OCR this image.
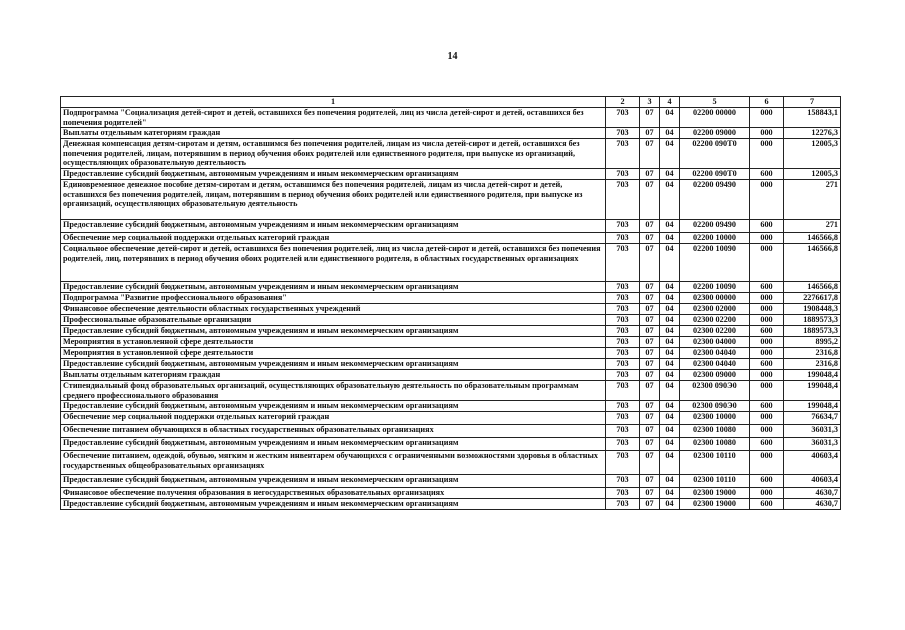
14
1	2	3	4	5	6	7
Подпрограмма "Социализация детей-сирот и детей, оставшихся без попечения родителей, лиц из числа детей-сирот и детей, оставшихся без попечения родителей"	703	07	04	02200 00000	000	158843,1
Выплаты отдельным категориям граждан	703	07	04	02200 09000	000	12276,3
Денежная компенсация детям-сиротам и детям, оставшимся без попечения родителей, лицам из числа детей-сирот и детей, оставшихся без попечения родителей, лицам, потерявшим в период обучения обоих родителей или единственного родителя, при выпуске из организаций, осуществляющих образовательную деятельность	703	07	04	02200 090Т0	000	12005,3
Предоставление субсидий бюджетным, автономным учреждениям и иным некоммерческим организациям	703	07	04	02200 090Т0	600	12005,3
Единовременное денежное пособие детям-сиротам и детям, оставшимся без попечения родителей, лицам из числа детей-сирот и детей, оставшихся без попечения родителей, лицам, потерявшим в период обучения обоих родителей или единственного родителя, при выпуске из организаций, осуществляющих образовательную деятельность	703	07	04	02200 09490	000	271
Предоставление субсидий бюджетным, автономным учреждениям и иным некоммерческим организациям	703	07	04	02200 09490	600	271
Обеспечение мер социальной поддержки отдельных категорий граждан	703	07	04	02200 10000	000	146566,8
Социальное обеспечение детей-сирот и детей, оставшихся без попечения родителей, лиц из числа детей-сирот и детей, оставшихся без попечения родителей, лиц, потерявших в период обучения обоих родителей или единственного родителя, в областных государственных организациях	703	07	04	02200 10090	000	146566,8
Предоставление субсидий бюджетным, автономным учреждениям и иным некоммерческим организациям	703	07	04	02200 10090	600	146566,8
Подпрограмма "Развитие профессионального образования"	703	07	04	02300 00000	000	2276617,8
Финансовое обеспечение деятельности областных государственных учреждений	703	07	04	02300 02000	000	1908448,3
Профессиональные образовательные организации	703	07	04	02300 02200	000	1889573,3
Предоставление субсидий бюджетным, автономным учреждениям и иным некоммерческим организациям	703	07	04	02300 02200	600	1889573,3
Мероприятия в установленной сфере деятельности	703	07	04	02300 04000	000	8995,2
Мероприятия в установленной сфере деятельности	703	07	04	02300 04040	000	2316,8
Предоставление субсидий бюджетным, автономным учреждениям и иным некоммерческим организациям	703	07	04	02300 04040	600	2316,8
Выплаты отдельным категориям граждан	703	07	04	02300 09000	000	199048,4
Стипендиальный фонд образовательных организаций, осуществляющих образовательную деятельность по образовательным программам среднего профессионального образования	703	07	04	02300 090Э0	000	199048,4
Предоставление субсидий бюджетным, автономным учреждениям и иным некоммерческим организациям	703	07	04	02300 090Э0	600	199048,4
Обеспечение мер социальной поддержки отдельных категорий граждан	703	07	04	02300 10000	000	76634,7
Обеспечение питанием обучающихся в областных государственных образовательных организациях	703	07	04	02300 10080	000	36031,3
Предоставление субсидий бюджетным, автономным учреждениям и иным некоммерческим организациям	703	07	04	02300 10080	600	36031,3
Обеспечение питанием, одеждой, обувью, мягким и жестким инвентарем обучающихся с ограниченными возможностями здоровья в областных государственных общеобразовательных организациях	703	07	04	02300 10110	000	40603,4
Предоставление субсидий бюджетным, автономным учреждениям и иным некоммерческим организациям	703	07	04	02300 10110	600	40603,4
Финансовое обеспечение получения образования в негосударственных образовательных организациях	703	07	04	02300 19000	000	4630,7
Предоставление субсидий бюджетным, автономным учреждениям и иным некоммерческим организациям	703	07	04	02300 19000	600	4630,7
